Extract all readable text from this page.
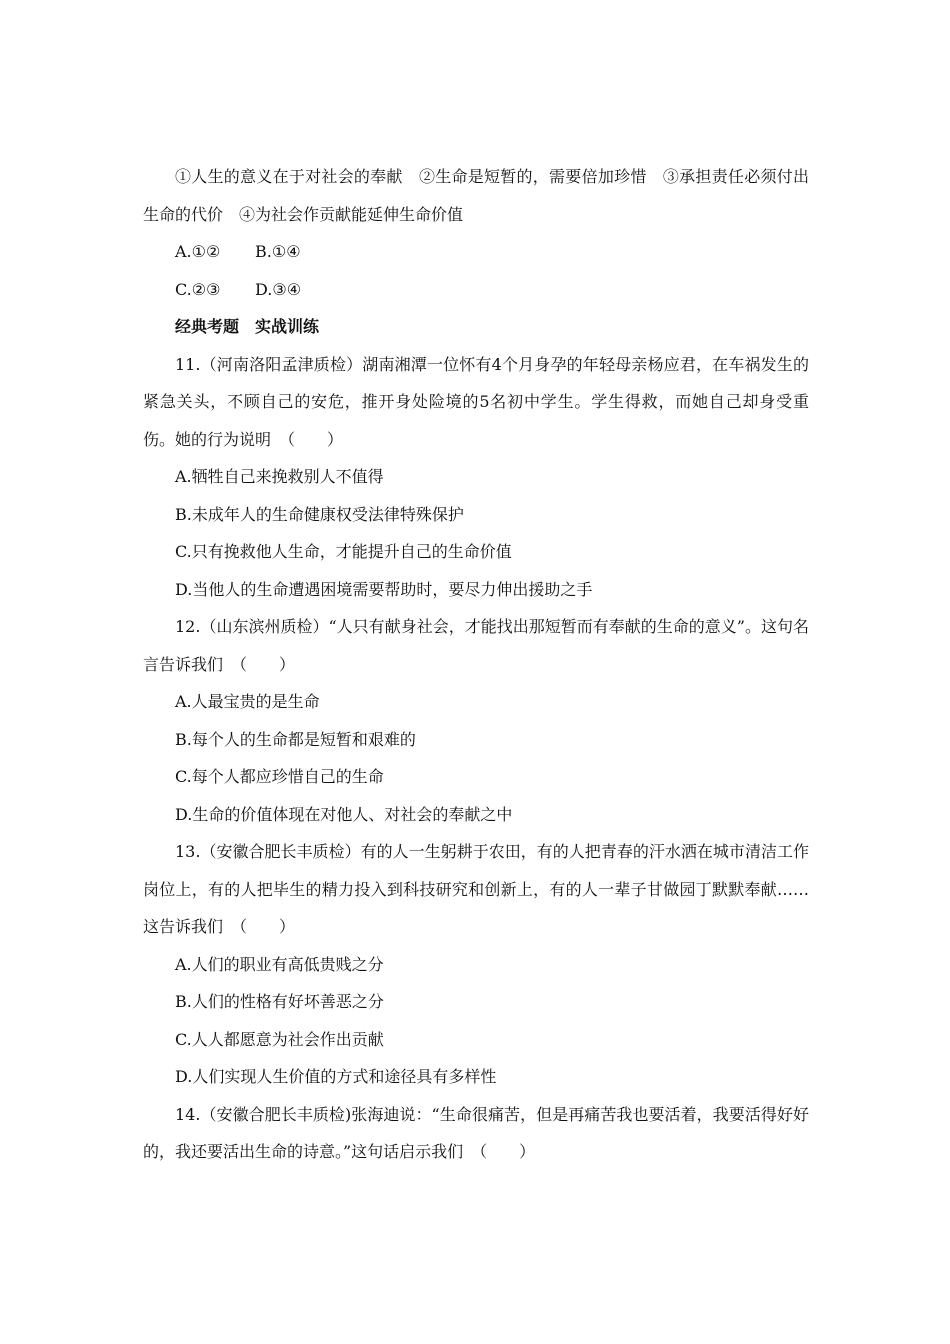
①人生的意义在于对社会的奉献　②生命是短暂的，需要倍加珍惜　③承担责任必须付出生命的代价　④为社会作贡献能延伸生命价值

A.①② B.①④
C.②③ D.③④
经典考题　实战训练

11.（河南洛阳孟津质检）湖南湘潭一位怀有4个月身孕的年轻母亲杨应君，在车祸发生的紧急关头，不顾自己的安危，推开身处险境的5名初中学生。学生得救，而她自己却身受重伤。她的行为说明　（　　）

A.牺牲自己来挽救别人不值得
B.未成年人的生命健康权受法律特殊保护
C.只有挽救他人生命，才能提升自己的生命价值
D.当他人的生命遭遇困境需要帮助时，要尽力伸出援助之手

12.（山东滨州质检）“人只有献身社会，才能找出那短暂而有奉献的生命的意义”。这句名言告诉我们　（　　）

A.人最宝贵的是生命
B.每个人的生命都是短暂和艰难的
C.每个人都应珍惜自己的生命
D.生命的价值体现在对他人、对社会的奉献之中

13.（安徽合肥长丰质检）有的人一生躬耕于农田，有的人把青春的汗水洒在城市清洁工作岗位上，有的人把毕生的精力投入到科技研究和创新上，有的人一辈子甘做园丁默默奉献……这告诉我们　（　　）

A.人们的职业有高低贵贱之分
B.人们的性格有好坏善恶之分
C.人人都愿意为社会作出贡献
D.人们实现人生价值的方式和途径具有多样性

14.（安徽合肥长丰质检)张海迪说：“生命很痛苦，但是再痛苦我也要活着，我要活得好好的，我还要活出生命的诗意。”这句话启示我们　（　　）
